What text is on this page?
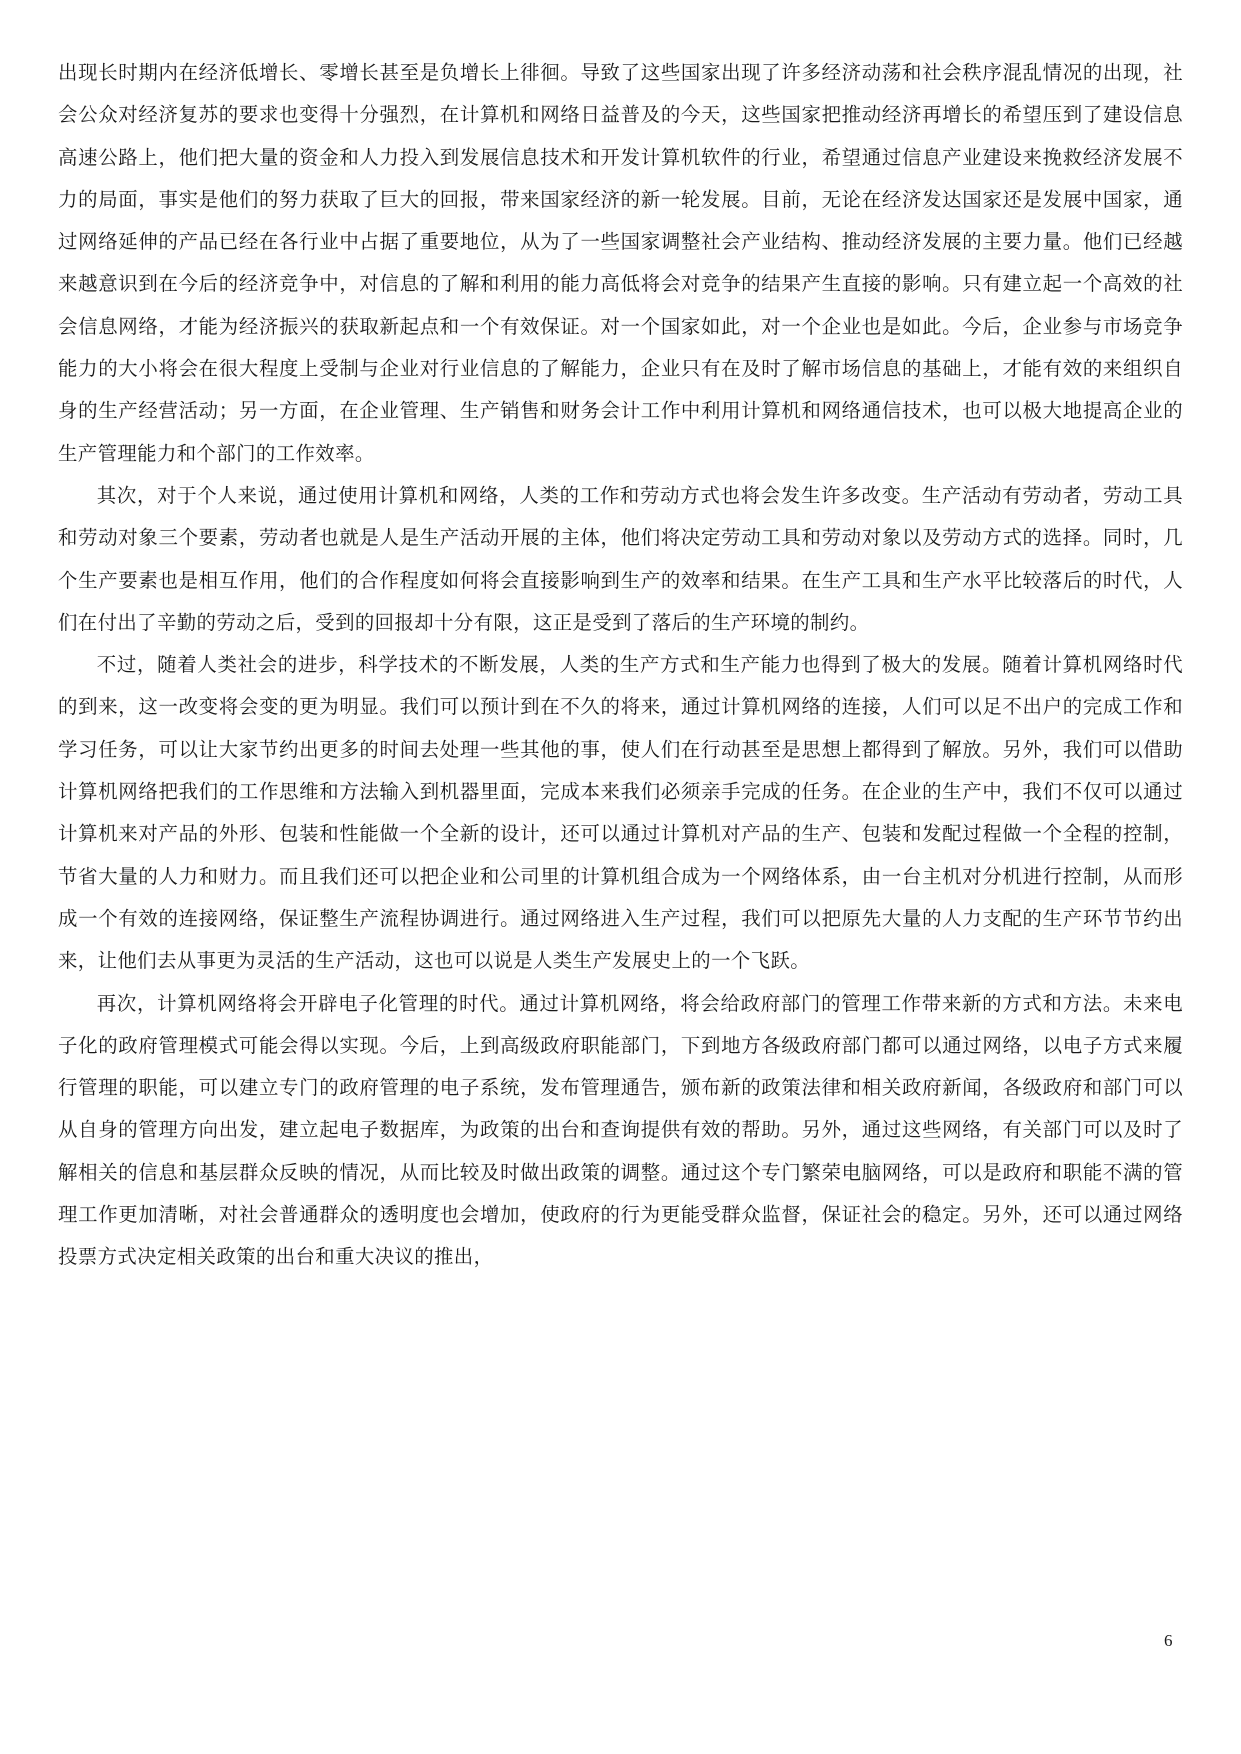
出现长时期内在经济低增长、零增长甚至是负增长上徘徊。导致了这些国家出现了许多经济动荡和社会秩序混乱情况的出现，社会公众对经济复苏的要求也变得十分强烈，在计算机和网络日益普及的今天，这些国家把推动经济再增长的希望压到了建设信息高速公路上，他们把大量的资金和人力投入到发展信息技术和开发计算机软件的行业，希望通过信息产业建设来挽救经济发展不力的局面，事实是他们的努力获取了巨大的回报，带来国家经济的新一轮发展。目前，无论在经济发达国家还是发展中国家，通过网络延伸的产品已经在各行业中占据了重要地位，从为了一些国家调整社会产业结构、推动经济发展的主要力量。他们已经越来越意识到在今后的经济竞争中，对信息的了解和利用的能力高低将会对竞争的结果产生直接的影响。只有建立起一个高效的社会信息网络，才能为经济振兴的获取新起点和一个有效保证。对一个国家如此，对一个企业也是如此。今后，企业参与市场竞争能力的大小将会在很大程度上受制与企业对行业信息的了解能力，企业只有在及时了解市场信息的基础上，才能有效的来组织自身的生产经营活动；另一方面，在企业管理、生产销售和财务会计工作中利用计算机和网络通信技术，也可以极大地提高企业的生产管理能力和个部门的工作效率。

其次，对于个人来说，通过使用计算机和网络，人类的工作和劳动方式也将会发生许多改变。生产活动有劳动者，劳动工具和劳动对象三个要素，劳动者也就是人是生产活动开展的主体，他们将决定劳动工具和劳动对象以及劳动方式的选择。同时，几个生产要素也是相互作用，他们的合作程度如何将会直接影响到生产的效率和结果。在生产工具和生产水平比较落后的时代，人们在付出了辛勤的劳动之后，受到的回报却十分有限，这正是受到了落后的生产环境的制约。

不过，随着人类社会的进步，科学技术的不断发展，人类的生产方式和生产能力也得到了极大的发展。随着计算机网络时代的到来，这一改变将会变的更为明显。我们可以预计到在不久的将来，通过计算机网络的连接，人们可以足不出户的完成工作和学习任务，可以让大家节约出更多的时间去处理一些其他的事，使人们在行动甚至是思想上都得到了解放。另外，我们可以借助计算机网络把我们的工作思维和方法输入到机器里面，完成本来我们必须亲手完成的任务。在企业的生产中，我们不仅可以通过计算机来对产品的外形、包装和性能做一个全新的设计，还可以通过计算机对产品的生产、包装和发配过程做一个全程的控制，节省大量的人力和财力。而且我们还可以把企业和公司里的计算机组合成为一个网络体系，由一台主机对分机进行控制，从而形成一个有效的连接网络，保证整生产流程协调进行。通过网络进入生产过程，我们可以把原先大量的人力支配的生产环节节约出来，让他们去从事更为灵活的生产活动，这也可以说是人类生产发展史上的一个飞跃。

再次，计算机网络将会开辟电子化管理的时代。通过计算机网络，将会给政府部门的管理工作带来新的方式和方法。未来电子化的政府管理模式可能会得以实现。今后，上到高级政府职能部门，下到地方各级政府部门都可以通过网络，以电子方式来履行管理的职能，可以建立专门的政府管理的电子系统，发布管理通告，颁布新的政策法律和相关政府新闻，各级政府和部门可以从自身的管理方向出发，建立起电子数据库，为政策的出台和查询提供有效的帮助。另外，通过这些网络，有关部门可以及时了解相关的信息和基层群众反映的情况，从而比较及时做出政策的调整。通过这个专门繁荣电脑网络，可以是政府和职能不满的管理工作更加清晰，对社会普通群众的透明度也会增加，使政府的行为更能受群众监督，保证社会的稳定。另外，还可以通过网络投票方式决定相关政策的出台和重大决议的推出，

6
